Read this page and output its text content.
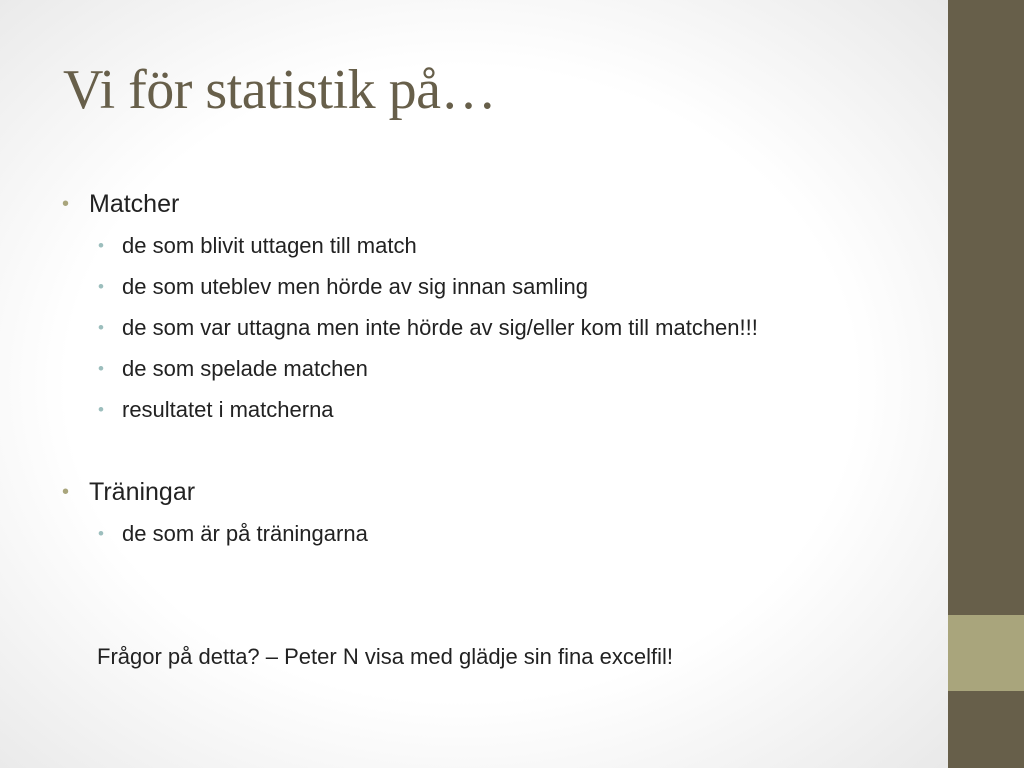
Vi för statistik på…
• Matcher
• de som blivit uttagen till match
• de som uteblev men hörde av sig innan samling
• de som var uttagna men inte hörde av sig/eller kom till matchen!!!
• de som spelade matchen
• resultatet i matcherna
• Träningar
• de som är på träningarna
Frågor på detta? – Peter N visa med glädje sin fina excelfil!
